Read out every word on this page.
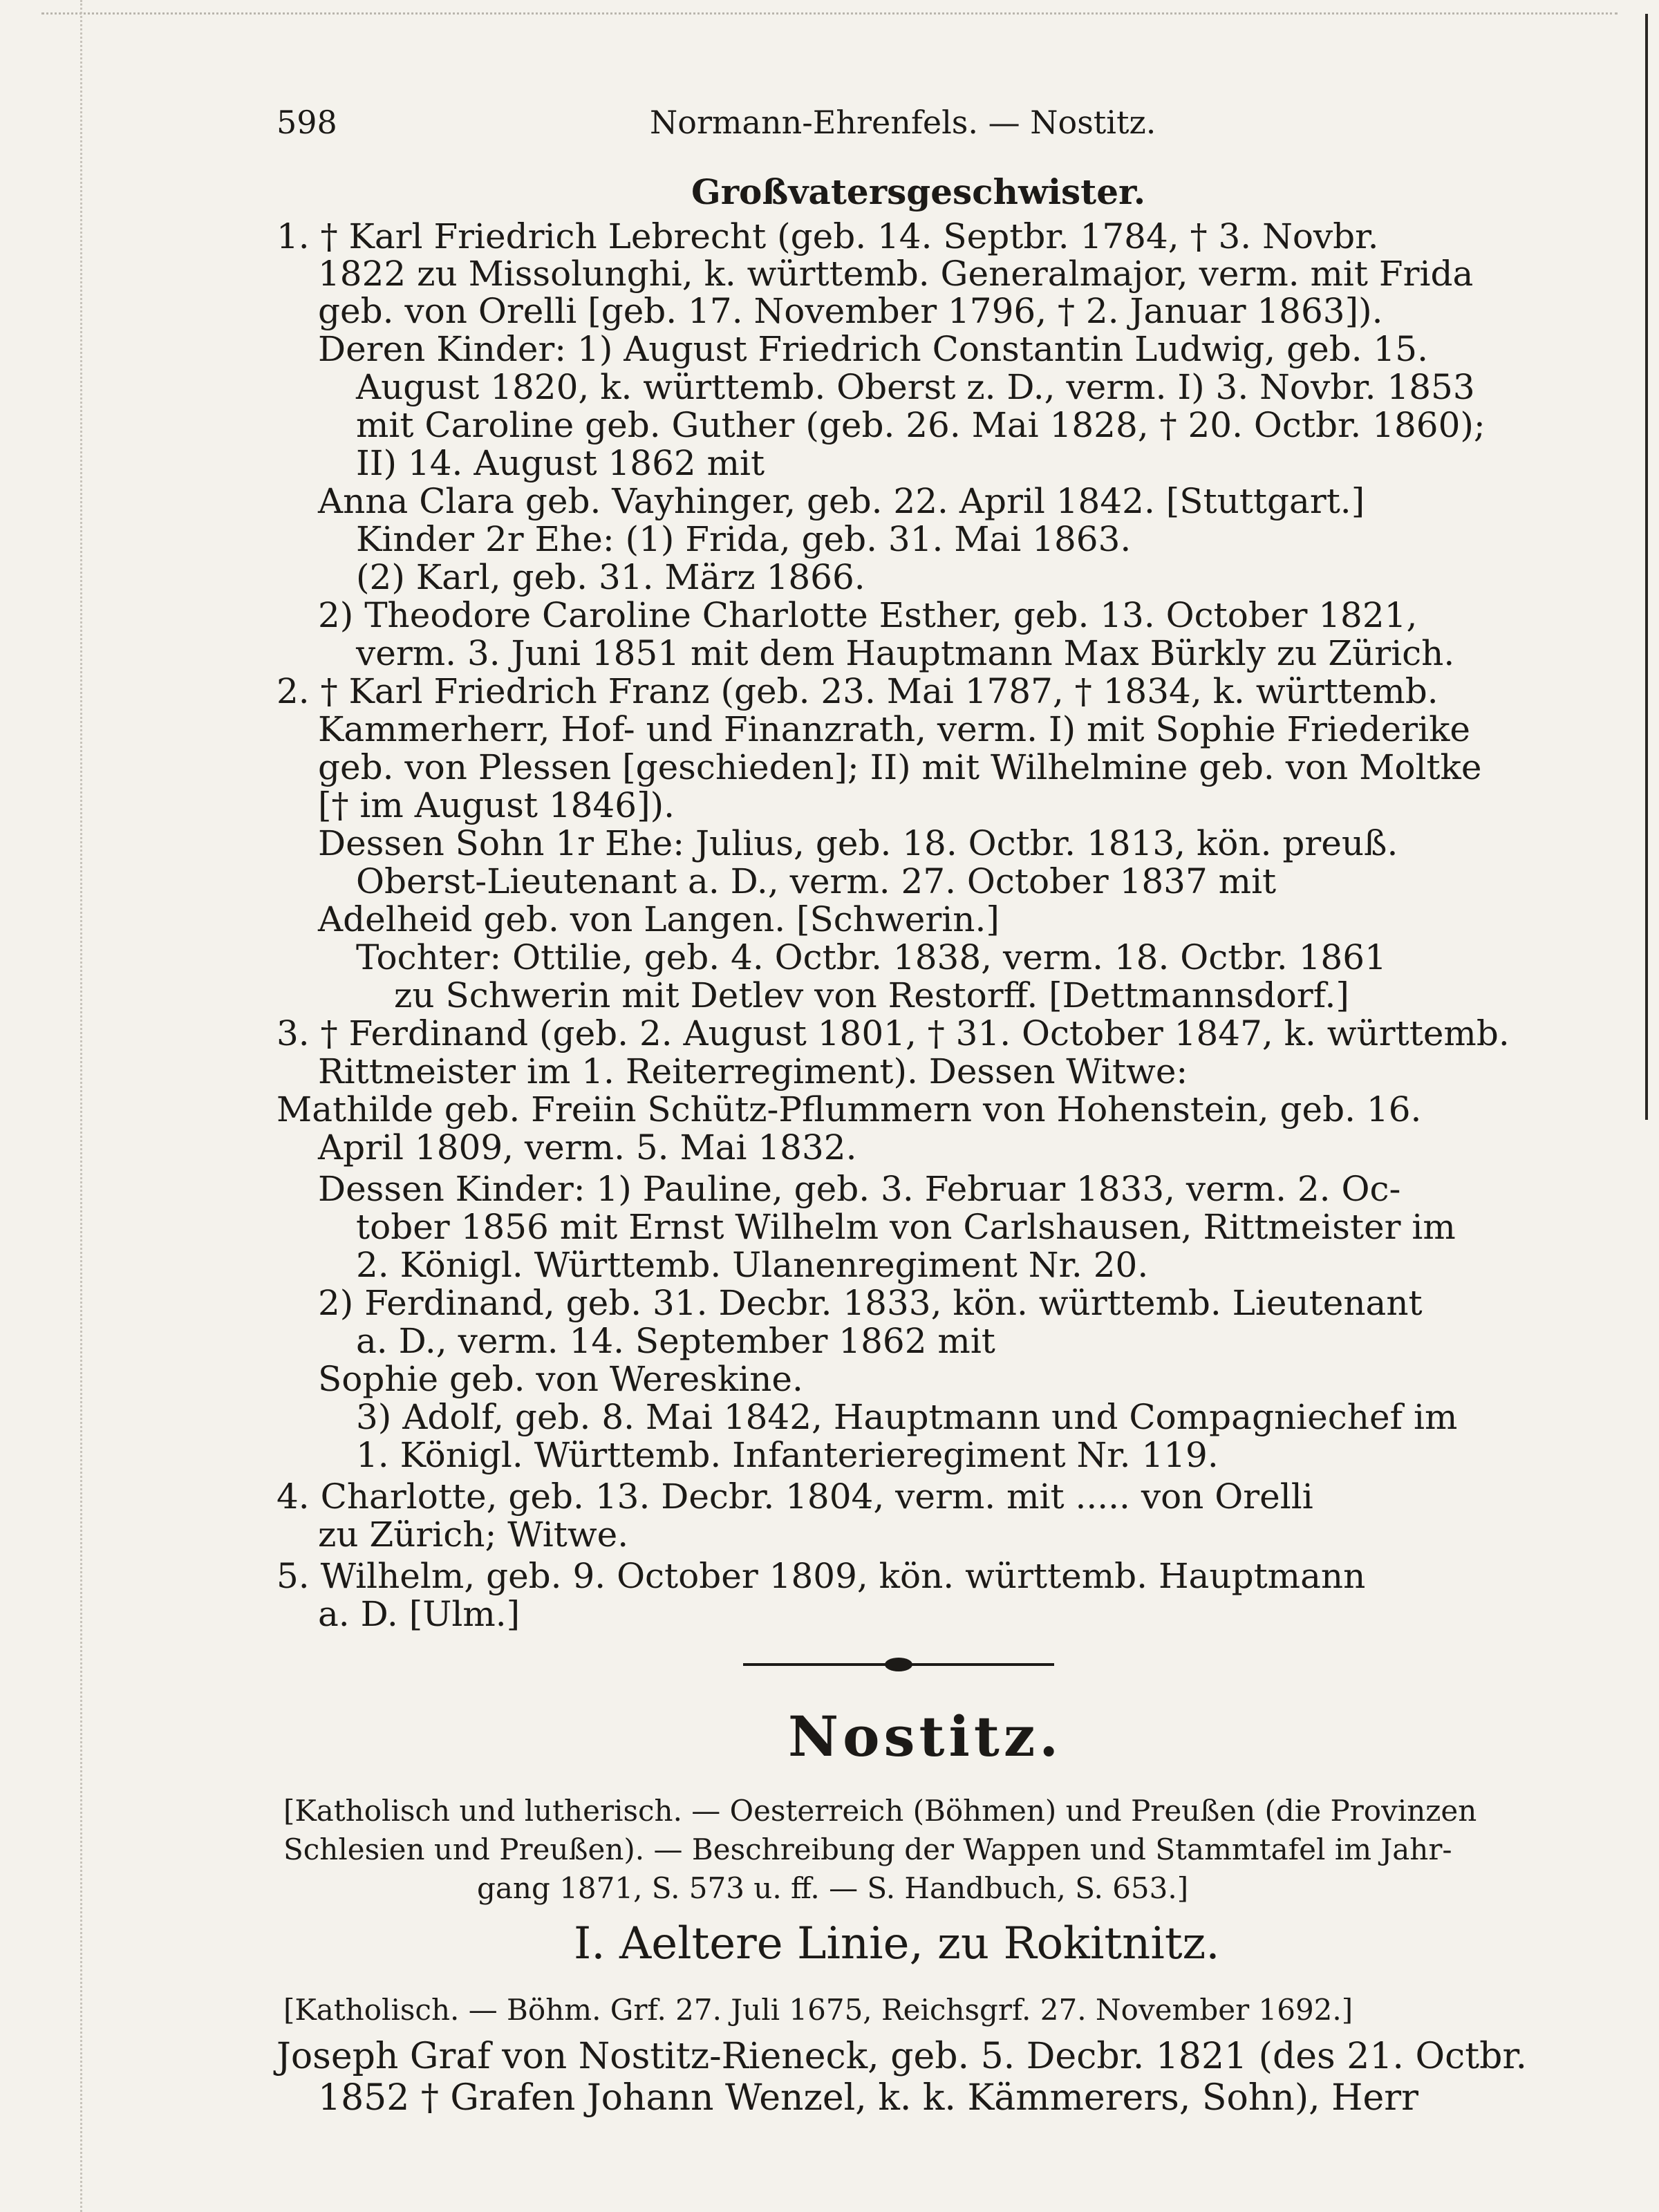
598	Normann-Ehrenfels. — Nostitz.
Großvatersgeschwister.
1. † Karl Friedrich Lebrecht (geb. 14. Septbr. 1784, † 3. Novbr.
1822 zu Missolunghi, k. württemb. Generalmajor, verm. mit Frida
geb. von Orelli [geb. 17. November 1796, † 2. Januar 1863]).
Deren Kinder: 1) August Friedrich Constantin Ludwig, geb. 15.
August 1820, k. württemb. Oberst z. D., verm. I) 3. Novbr. 1853
mit Caroline geb. Guther (geb. 26. Mai 1828, † 20. Octbr. 1860);
II) 14. August 1862 mit
Anna Clara geb. Vayhinger, geb. 22. April 1842. [Stuttgart.]
Kinder 2r Ehe: (1) Frida, geb. 31. Mai 1863.
(2) Karl, geb. 31. März 1866.
2) Theodore Caroline Charlotte Esther, geb. 13. October 1821,
verm. 3. Juni 1851 mit dem Hauptmann Max Bürkly zu Zürich.
2. † Karl Friedrich Franz (geb. 23. Mai 1787, † 1834, k. württemb.
Kammerherr, Hof- und Finanzrath, verm. I) mit Sophie Friederike
geb. von Plessen [geschieden]; II) mit Wilhelmine geb. von Moltke
[† im August 1846]).
Dessen Sohn 1r Ehe: Julius, geb. 18. Octbr. 1813, kön. preuß.
Oberst-Lieutenant a. D., verm. 27. October 1837 mit
Adelheid geb. von Langen. [Schwerin.]
Tochter: Ottilie, geb. 4. Octbr. 1838, verm. 18. Octbr. 1861
zu Schwerin mit Detlev von Restorff. [Dettmannsdorf.]
3. † Ferdinand (geb. 2. August 1801, † 31. October 1847, k. württemb.
Rittmeister im 1. Reiterregiment). Dessen Witwe:
Mathilde geb. Freiin Schütz-Pflummern von Hohenstein, geb. 16.
April 1809, verm. 5. Mai 1832.
Dessen Kinder: 1) Pauline, geb. 3. Februar 1833, verm. 2. Oc-
tober 1856 mit Ernst Wilhelm von Carlshausen, Rittmeister im
2. Königl. Württemb. Ulanenregiment Nr. 20.
2) Ferdinand, geb. 31. Decbr. 1833, kön. württemb. Lieutenant
a. D., verm. 14. September 1862 mit
Sophie geb. von Wereskine.
3) Adolf, geb. 8. Mai 1842, Hauptmann und Compagniechef im
1. Königl. Württemb. Infanterieregiment Nr. 119.
4. Charlotte, geb. 13. Decbr. 1804, verm. mit ..... von Orelli
zu Zürich; Witwe.
5. Wilhelm, geb. 9. October 1809, kön. württemb. Hauptmann
a. D. [Ulm.]
Nostitz.
[Katholisch und lutherisch. — Oesterreich (Böhmen) und Preußen (die Provinzen
Schlesien und Preußen). — Beschreibung der Wappen und Stammtafel im Jahr-
gang 1871, S. 573 u. ff. — S. Handbuch, S. 653.]
I. Aeltere Linie, zu Rokitnitz.
[Katholisch. — Böhm. Grf. 27. Juli 1675, Reichsgrf. 27. November 1692.]
Joseph Graf von Nostitz-Rieneck, geb. 5. Decbr. 1821 (des 21. Octbr.
1852 † Grafen Johann Wenzel, k. k. Kämmerers, Sohn), Herr
